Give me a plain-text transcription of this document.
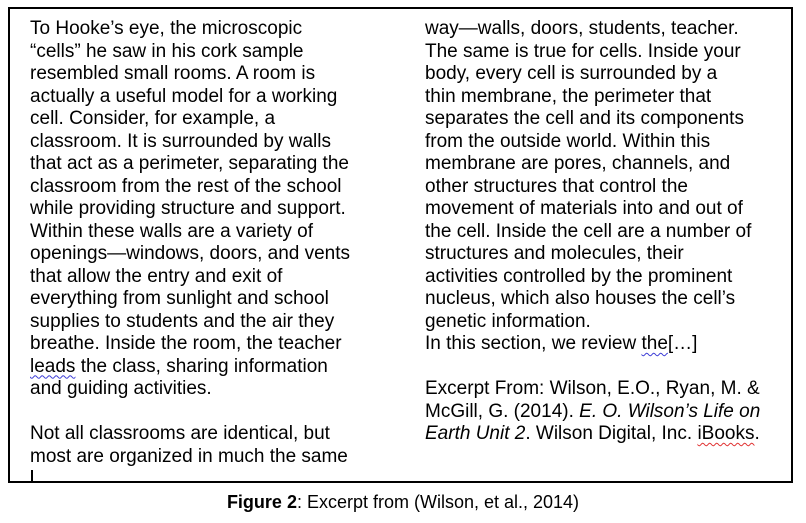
To Hooke’s eye, the microscopic
“cells” he saw in his cork sample
resembled small rooms. A room is
actually a useful model for a working
cell. Consider, for example, a
classroom. It is surrounded by walls
that act as a perimeter, separating the
classroom from the rest of the school
while providing structure and support.
Within these walls are a variety of
openings—windows, doors, and vents
that allow the entry and exit of
everything from sunlight and school
supplies to students and the air they
breathe. Inside the room, the teacher
leads the class, sharing information
and guiding activities.

Not all classrooms are identical, but
most are organized in much the same
way—walls, doors, students, teacher.
The same is true for cells. Inside your
body, every cell is surrounded by a
thin membrane, the perimeter that
separates the cell and its components
from the outside world. Within this
membrane are pores, channels, and
other structures that control the
movement of materials into and out of
the cell. Inside the cell are a number of
structures and molecules, their
activities controlled by the prominent
nucleus, which also houses the cell’s
genetic information.
In this section, we review the[…]

Excerpt From: Wilson, E.O., Ryan, M. &
McGill, G. (2014). E. O. Wilson’s Life on
Earth Unit 2. Wilson Digital, Inc. iBooks.
Figure 2: Excerpt from (Wilson, et al., 2014)
